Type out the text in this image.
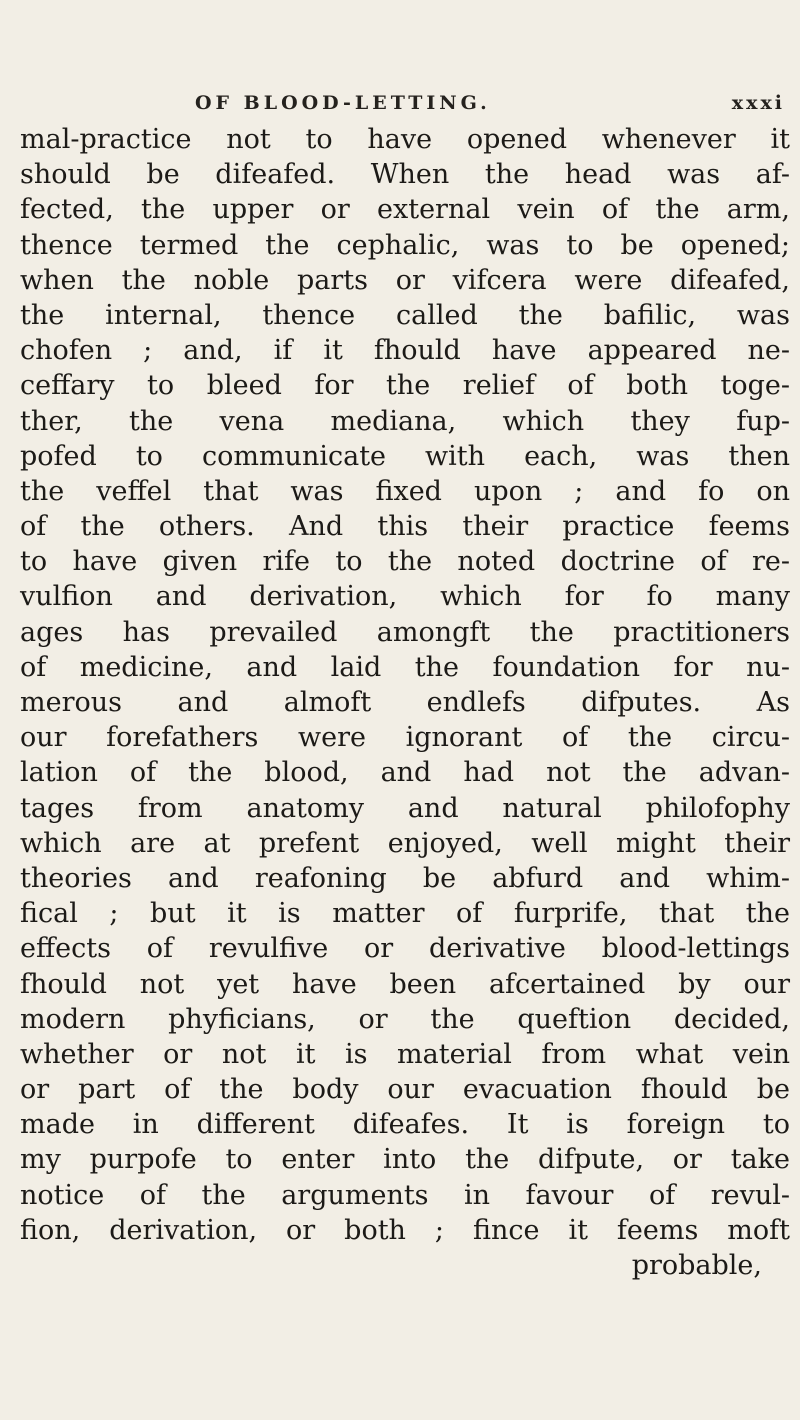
OF BLOOD-LETTING.	xxxi
mal-practice not to have opened whenever it
should be difeafed. When the head was af-
fected, the upper or external vein of the arm,
thence termed the cephalic, was to be opened;
when the noble parts or vifcera were difeafed,
the internal, thence called the bafilic, was
chofen ; and, if it fhould have appeared ne-
ceffary to bleed for the relief of both toge-
ther, the vena mediana, which they fup-
pofed to communicate with each, was then
the veffel that was fixed upon ; and fo on
of the others. And this their practice feems
to have given rife to the noted doctrine of re-
vulfion and derivation, which for fo many
ages has prevailed amongft the practitioners
of medicine, and laid the foundation for nu-
merous and almoft endlefs difputes. As
our forefathers were ignorant of the circu-
lation of the blood, and had not the advan-
tages from anatomy and natural philofophy
which are at prefent enjoyed, well might their
theories and reafoning be abfurd and whim-
fical ; but it is matter of furprife, that the
effects of revulfive or derivative blood-lettings
fhould not yet have been afcertained by our
modern phyficians, or the queftion decided,
whether or not it is material from what vein
or part of the body our evacuation fhould be
made in different difeafes. It is foreign to
my purpofe to enter into the difpute, or take
notice of the arguments in favour of revul-
fion, derivation, or both ; fince it feems moft
probable,
